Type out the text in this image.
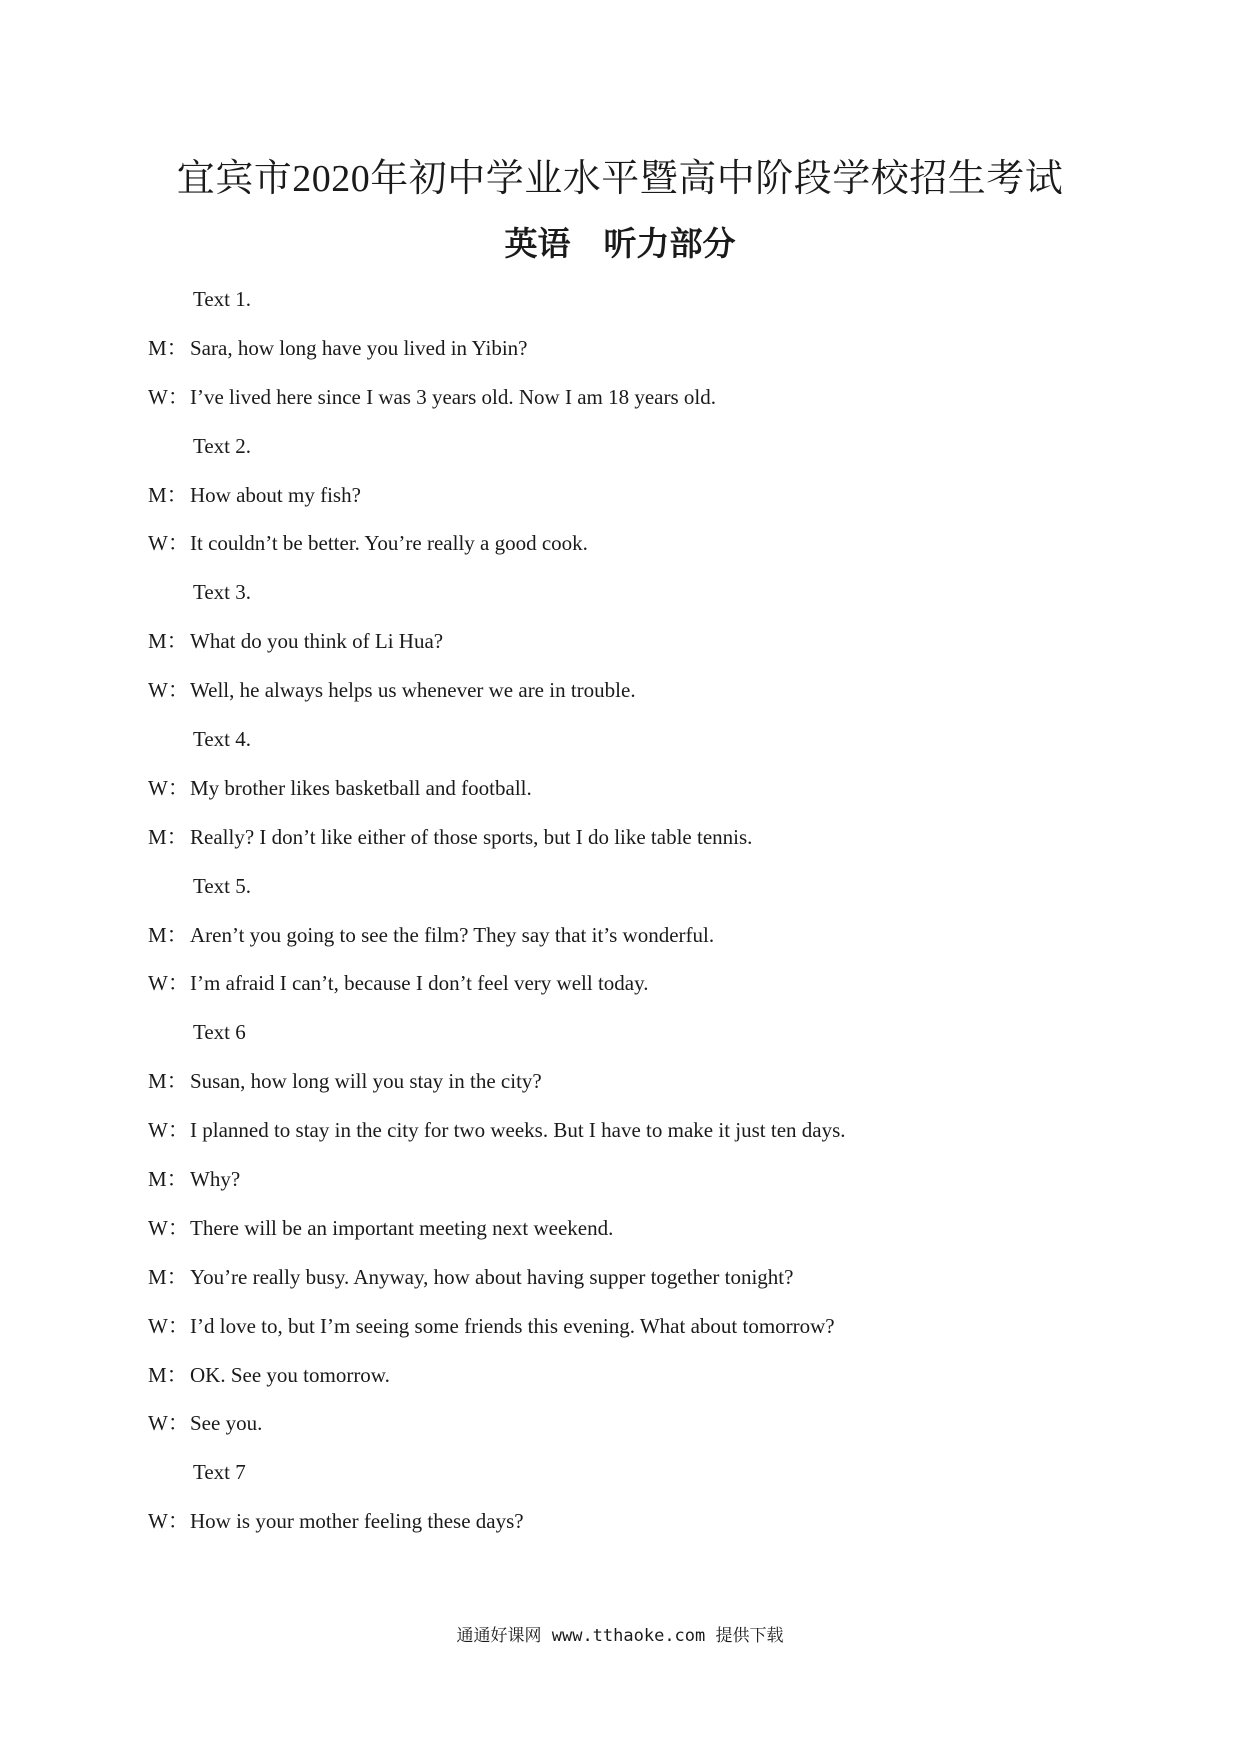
宜宾市2020年初中学业水平暨高中阶段学校招生考试
英语　听力部分
Text 1.
M： Sara, how long have you lived in Yibin?
W： I’ve lived here since I was 3 years old. Now I am 18 years old.
Text 2.
M： How about my fish?
W： It couldn’t be better. You’re really a good cook.
Text 3.
M： What do you think of Li Hua?
W： Well, he always helps us whenever we are in trouble.
Text 4.
W： My brother likes basketball and football.
M： Really? I don’t like either of those sports, but I do like table tennis.
Text 5.
M： Aren’t you going to see the film? They say that it’s wonderful.
W： I’m afraid I can’t, because I don’t feel very well today.
Text 6
M： Susan, how long will you stay in the city?
W： I planned to stay in the city for two weeks. But I have to make it just ten days.
M： Why?
W： There will be an important meeting next weekend.
M： You’re really busy. Anyway, how about having supper together tonight?
W： I’d love to, but I’m seeing some friends this evening. What about tomorrow?
M： OK. See you tomorrow.
W： See you.
Text 7
W： How is your mother feeling these days?
通通好课网 www.tthaoke.com 提供下载
